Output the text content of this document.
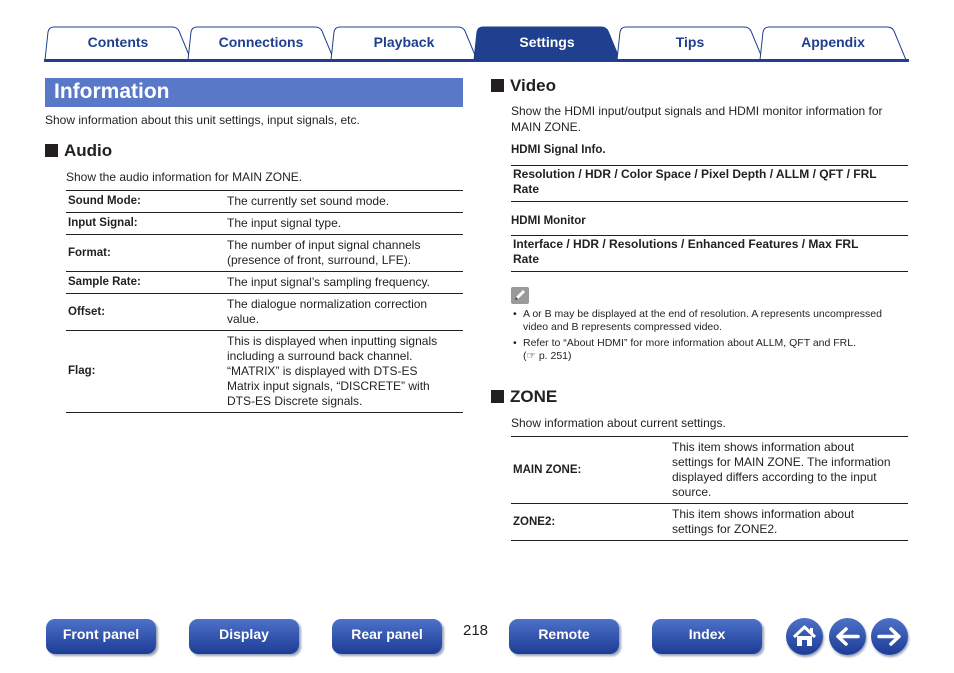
Contents	Connections	Playback	Settings	Tips	Appendix
Information
Show information about this unit settings, input signals, etc.
Audio
Show the audio information for MAIN ZONE.
Sound Mode:	The currently set sound mode.

Input Signal:	The input signal type.

Format:	The number of input signal channels
(presence of front, surround, LFE).

Sample Rate:	The input signal’s sampling frequency.

Offset:	The dialogue normalization correction
value.

Flag:	This is displayed when inputting signals
including a surround back channel.
“MATRIX” is displayed with DTS-ES
Matrix input signals, “DISCRETE” with
DTS-ES Discrete signals.
Video
Show the HDMI input/output signals and HDMI monitor information for
MAIN ZONE.
HDMI Signal Info.
Resolution / HDR / Color Space / Pixel Depth / ALLM / QFT / FRL
Rate
HDMI Monitor
Interface / HDR / Resolutions / Enhanced Features / Max FRL
Rate
• A or B may be displayed at the end of resolution. A represents uncompressed
video and B represents compressed video.
• Refer to “About HDMI” for more information about ALLM, QFT and FRL.
(☞ p. 251)
ZONE
Show information about current settings.
MAIN ZONE:	This item shows information about
settings for MAIN ZONE. The information
displayed differs according to the input
source.

ZONE2:	This item shows information about
settings for ZONE2.
Front panel	Display	Rear panel	218	Remote	Index
